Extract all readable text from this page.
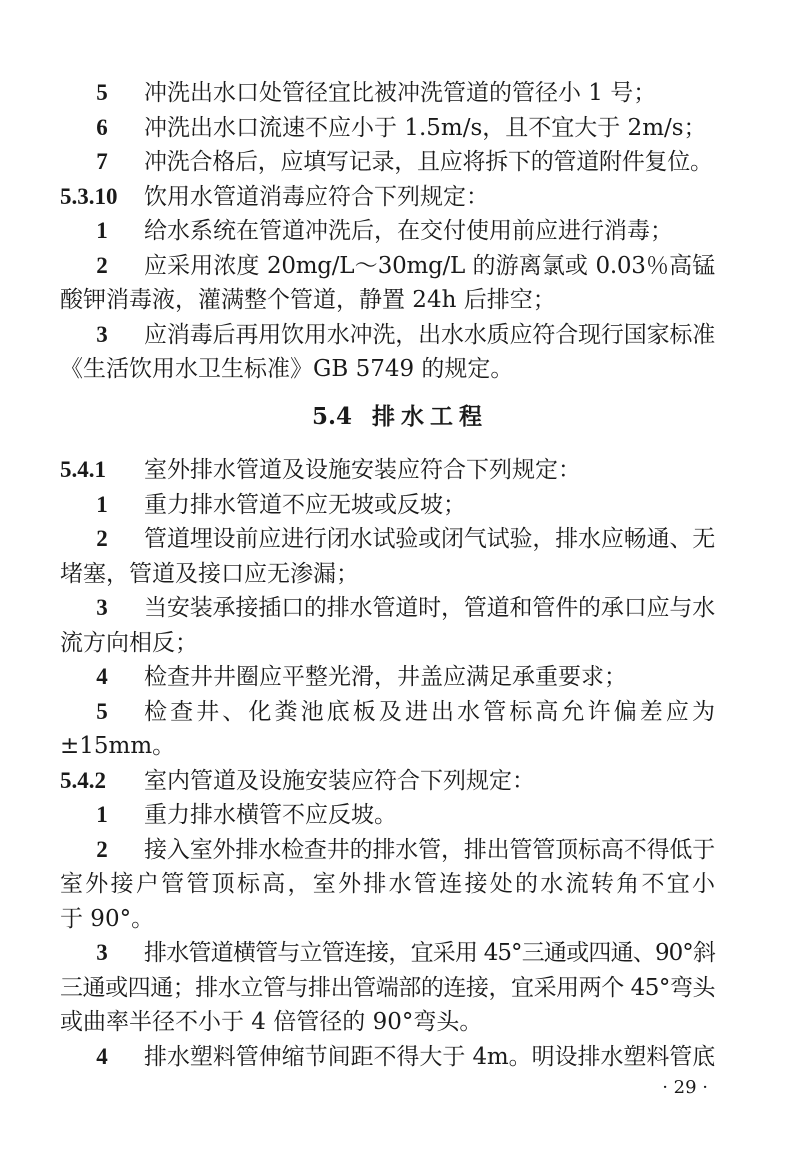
5 冲洗出水口处管径宜比被冲洗管道的管径小 1 号；
6 冲洗出水口流速不应小于 1.5m/s，且不宜大于 2m/s；
7 冲洗合格后，应填写记录，且应将拆下的管道附件复位。
5.3.10 饮用水管道消毒应符合下列规定：
1 给水系统在管道冲洗后，在交付使用前应进行消毒；
2 应采用浓度 20mg/L～30mg/L 的游离氯或 0.03％高锰
酸钾消毒液，灌满整个管道，静置 24h 后排空；
3 应消毒后再用饮用水冲洗，出水水质应符合现行国家标准
《生活饮用水卫生标准》GB 5749 的规定。
5.4 排水工程
5.4.1 室外排水管道及设施安装应符合下列规定：
1 重力排水管道不应无坡或反坡；
2 管道埋设前应进行闭水试验或闭气试验，排水应畅通、无
堵塞，管道及接口应无渗漏；
3 当安装承接插口的排水管道时，管道和管件的承口应与水
流方向相反；
4 检查井井圈应平整光滑，井盖应满足承重要求；
5 检查井、化粪池底板及进出水管标高允许偏差应为
±15mm。
5.4.2 室内管道及设施安装应符合下列规定：
1 重力排水横管不应反坡。
2 接入室外排水检查井的排水管，排出管管顶标高不得低于
室外接户管管顶标高，室外排水管连接处的水流转角不宜小
于 90°。
3 排水管道横管与立管连接，宜采用 45°三通或四通、90°斜
三通或四通；排水立管与排出管端部的连接，宜采用两个 45°弯头
或曲率半径不小于 4 倍管径的 90°弯头。
4 排水塑料管伸缩节间距不得大于 4m。明设排水塑料管底
· 29 ·
